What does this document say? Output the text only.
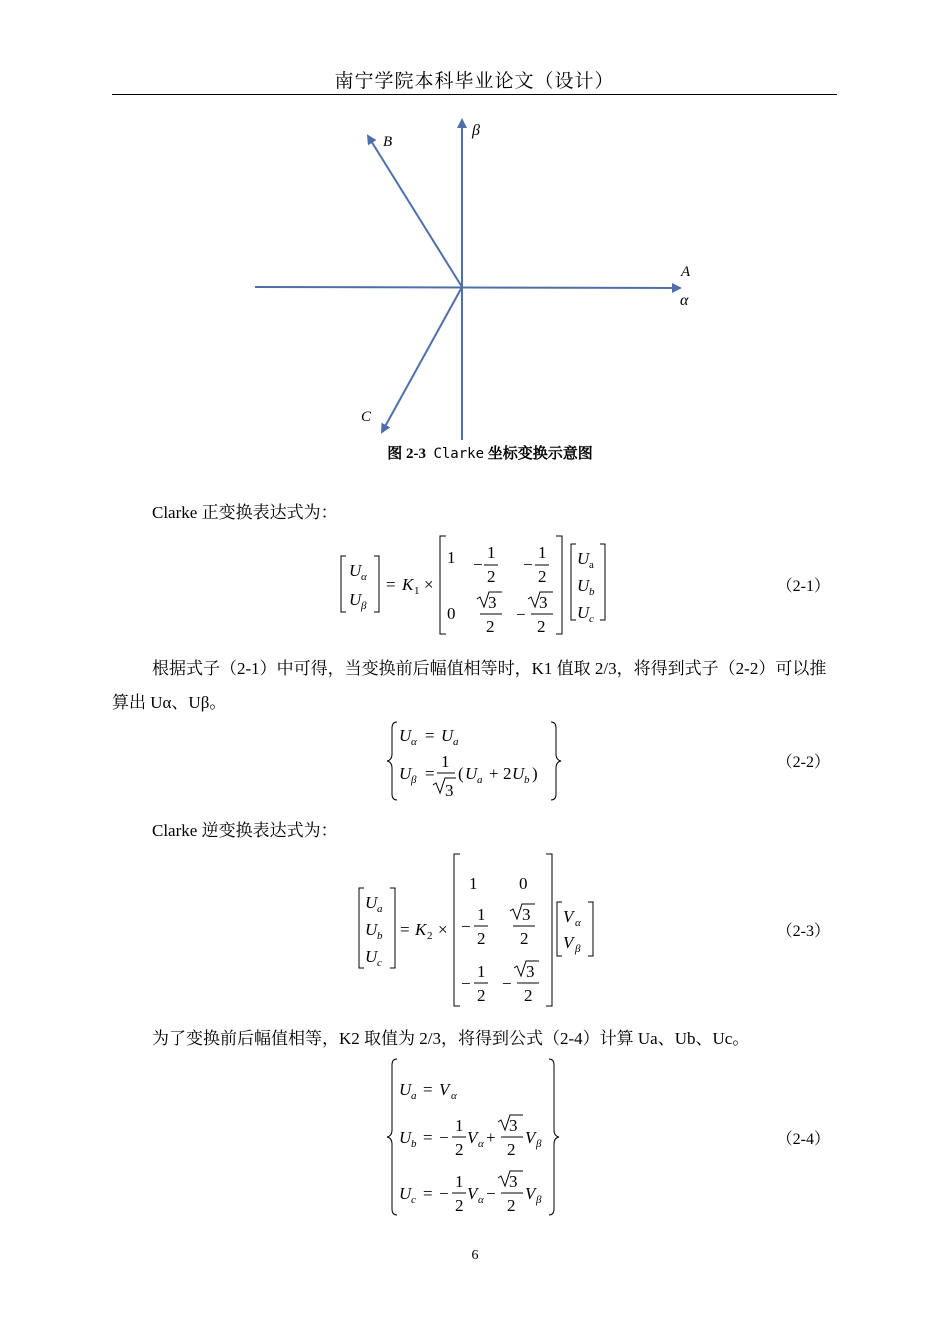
南宁学院本科毕业论文（设计）
β
B
A
α
C
图 2-3 Clarke 坐标变换示意图
Clarke 正变换表达式为：
U α
U β
= K 1 ×
1 −
1
2
−
1
2
0
3
2
−
3
2
U a
U b
U c
（2-1）
根据式子（2-1）中可得，当变换前后幅值相等时，K1 值取 2/3，将得到式子（2-2）可以推算出 Uα、Uβ。
U α = U a
U β =
1
3
( U a + 2 U b )
（2-2）
Clarke 逆变换表达式为：
U a
U b
U c
= K 2 ×
1 0
−
1
2
3
2
−
1
2
−
3
2
V α
V β
（2-3）
为了变换前后幅值相等，K2 取值为 2/3，将得到公式（2-4）计算 Ua、Ub、Uc。
U a = V α
U b = −
1
2
V α +
3
2
V β
U c = −
1
2
V α −
3
2
V β
（2-4）
6
